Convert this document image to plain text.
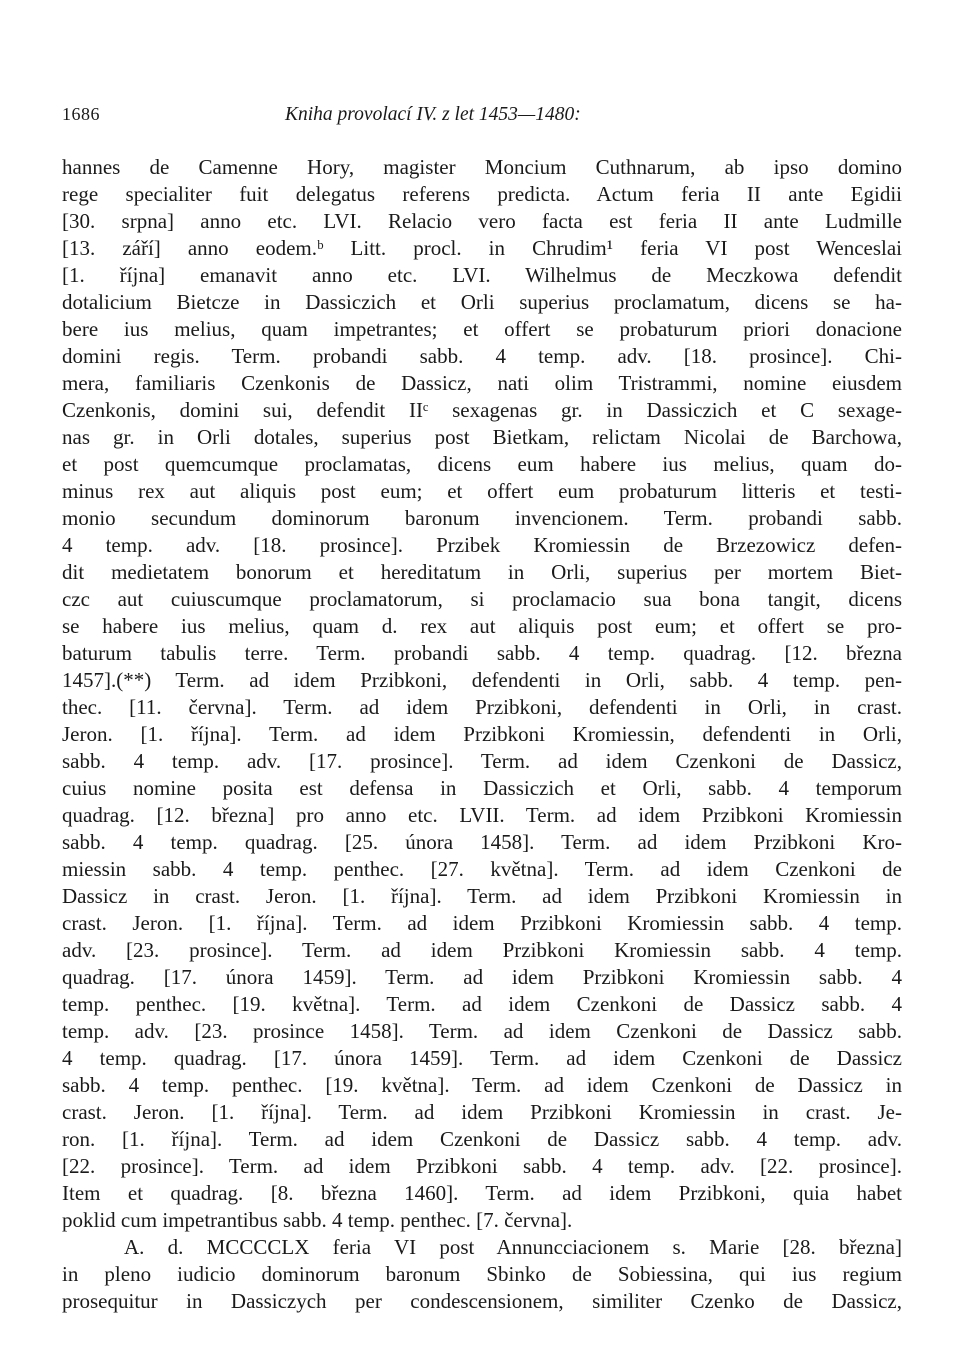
1686	Kniha provolací IV. z let 1453—1480:
hannes de Camenne Hory, magister Moncium Cuthnarum, ab ipso domino
rege specialiter fuit delegatus referens predicta. Actum feria II ante Egidii
[30. srpna] anno etc. LVI. Relacio vero facta est feria II ante Ludmille
[13. září] anno eodem.ᵇ Litt. procl. in Chrudim¹ feria VI post Wenceslai
[1. října] emanavit anno etc. LVI. Wilhelmus de Meczkowa defendit
dotalicium Bietcze in Dassiczich et Orli superius proclamatum, dicens se ha-
bere ius melius, quam impetrantes; et offert se probaturum priori donacione
domini regis. Term. probandi sabb. 4 temp. adv. [18. prosince]. Chi-
mera, familiaris Czenkonis de Dassicz, nati olim Tristrammi, nomine eiusdem
Czenkonis, domini sui, defendit IIᶜ sexagenas gr. in Dassiczich et C sexage-
nas gr. in Orli dotales, superius post Bietkam, relictam Nicolai de Barchowa,
et post quemcumque proclamatas, dicens eum habere ius melius, quam do-
minus rex aut aliquis post eum; et offert eum probaturum litteris et testi-
monio secundum dominorum baronum invencionem. Term. probandi sabb.
4 temp. adv. [18. prosince]. Przibek Kromiessin de Brzezowicz defen-
dit medietatem bonorum et hereditatum in Orli, superius per mortem Biet-
czc aut cuiuscumque proclamatorum, si proclamacio sua bona tangit, dicens
se habere ius melius, quam d. rex aut aliquis post eum; et offert se pro-
baturum tabulis terre. Term. probandi sabb. 4 temp. quadrag. [12. března
1457].(**) Term. ad idem Przibkoni, defendenti in Orli, sabb. 4 temp. pen-
thec. [11. června]. Term. ad idem Przibkoni, defendenti in Orli, in crast.
Jeron. [1. října]. Term. ad idem Przibkoni Kromiessin, defendenti in Orli,
sabb. 4 temp. adv. [17. prosince]. Term. ad idem Czenkoni de Dassicz,
cuius nomine posita est defensa in Dassiczich et Orli, sabb. 4 temporum
quadrag. [12. března] pro anno etc. LVII. Term. ad idem Przibkoni Kromiessin
sabb. 4 temp. quadrag. [25. února 1458]. Term. ad idem Przibkoni Kro-
miessin sabb. 4 temp. penthec. [27. května]. Term. ad idem Czenkoni de
Dassicz in crast. Jeron. [1. října]. Term. ad idem Przibkoni Kromiessin in
crast. Jeron. [1. října]. Term. ad idem Przibkoni Kromiessin sabb. 4 temp.
adv. [23. prosince]. Term. ad idem Przibkoni Kromiessin sabb. 4 temp.
quadrag. [17. února 1459]. Term. ad idem Przibkoni Kromiessin sabb. 4
temp. penthec. [19. května]. Term. ad idem Czenkoni de Dassicz sabb. 4
temp. adv. [23. prosince 1458]. Term. ad idem Czenkoni de Dassicz sabb.
4 temp. quadrag. [17. února 1459]. Term. ad idem Czenkoni de Dassicz
sabb. 4 temp. penthec. [19. května]. Term. ad idem Czenkoni de Dassicz in
crast. Jeron. [1. října]. Term. ad idem Przibkoni Kromiessin in crast. Je-
ron. [1. října]. Term. ad idem Czenkoni de Dassicz sabb. 4 temp. adv.
[22. prosince]. Term. ad idem Przibkoni sabb. 4 temp. adv. [22. prosince].
Item et quadrag. [8. března 1460]. Term. ad idem Przibkoni, quia habet
poklid cum impetrantibus sabb. 4 temp. penthec. [7. června].
A. d. MCCCCLX feria VI post Annuncciacionem s. Marie [28. března]
in pleno iudicio dominorum baronum Sbinko de Sobiessina, qui ius regium
prosequitur in Dassiczych per condescensionem, similiter Czenko de Dassicz,
